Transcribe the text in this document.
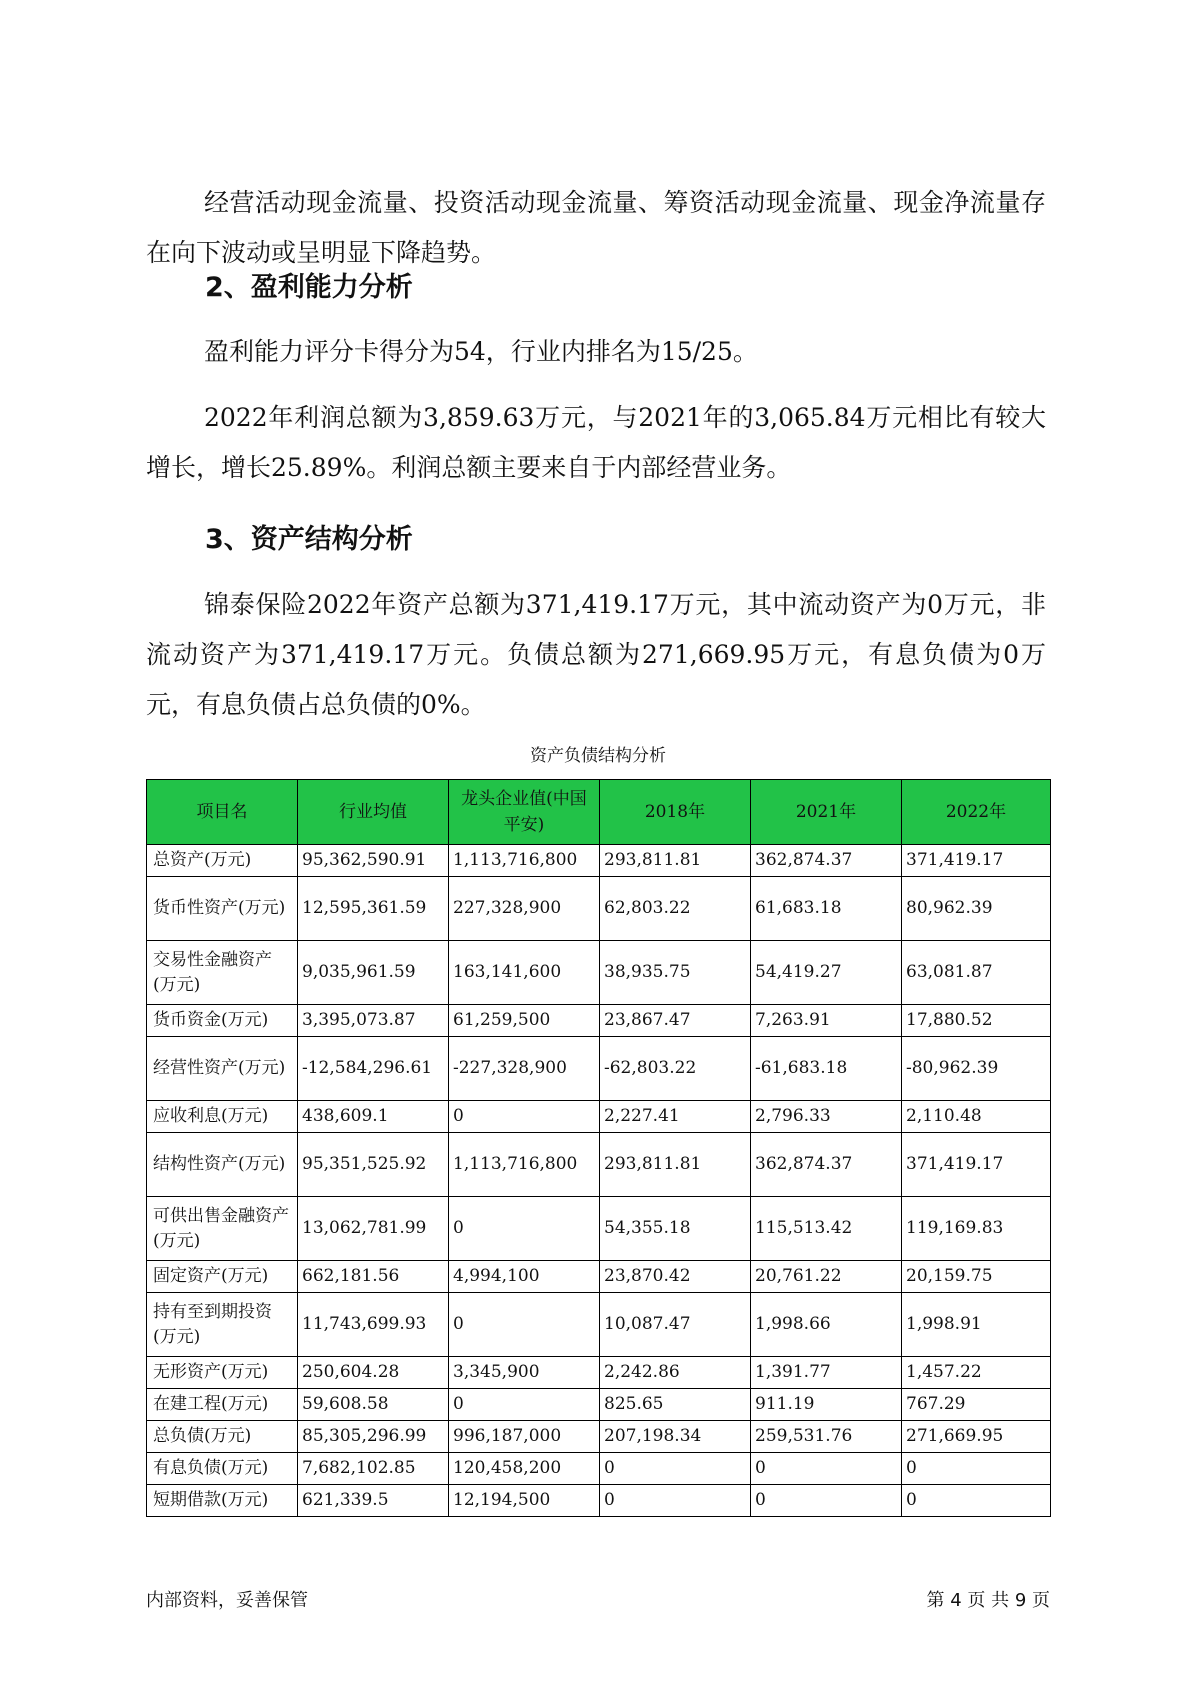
经营活动现金流量、投资活动现金流量、筹资活动现金流量、现金净流量存在向下波动或呈明显下降趋势。

2、盈利能力分析

盈利能力评分卡得分为54，行业内排名为15/25。

2022年利润总额为3,859.63万元，与2021年的3,065.84万元相比有较大增长，增长25.89%。利润总额主要来自于内部经营业务。

3、资产结构分析

锦泰保险2022年资产总额为371,419.17万元，其中流动资产为0万元，非流动资产为371,419.17万元。负债总额为271,669.95万元，有息负债为0万元，有息负债占总负债的0%。

资产负债结构分析
项目名	行业均值	龙头企业值(中国平安)	2018年	2021年	2022年
总资产(万元)	95,362,590.91	1,113,716,800	293,811.81	362,874.37	371,419.17
货币性资产(万元)	12,595,361.59	227,328,900	62,803.22	61,683.18	80,962.39
交易性金融资产(万元)	9,035,961.59	163,141,600	38,935.75	54,419.27	63,081.87
货币资金(万元)	3,395,073.87	61,259,500	23,867.47	7,263.91	17,880.52
经营性资产(万元)	-12,584,296.61	-227,328,900	-62,803.22	-61,683.18	-80,962.39
应收利息(万元)	438,609.1	0	2,227.41	2,796.33	2,110.48
结构性资产(万元)	95,351,525.92	1,113,716,800	293,811.81	362,874.37	371,419.17
可供出售金融资产(万元)	13,062,781.99	0	54,355.18	115,513.42	119,169.83
固定资产(万元)	662,181.56	4,994,100	23,870.42	20,761.22	20,159.75
持有至到期投资(万元)	11,743,699.93	0	10,087.47	1,998.66	1,998.91
无形资产(万元)	250,604.28	3,345,900	2,242.86	1,391.77	1,457.22
在建工程(万元)	59,608.58	0	825.65	911.19	767.29
总负债(万元)	85,305,296.99	996,187,000	207,198.34	259,531.76	271,669.95
有息负债(万元)	7,682,102.85	120,458,200	0	0	0
短期借款(万元)	621,339.5	12,194,500	0	0	0
内部资料，妥善保管	第 4 页 共 9 页
